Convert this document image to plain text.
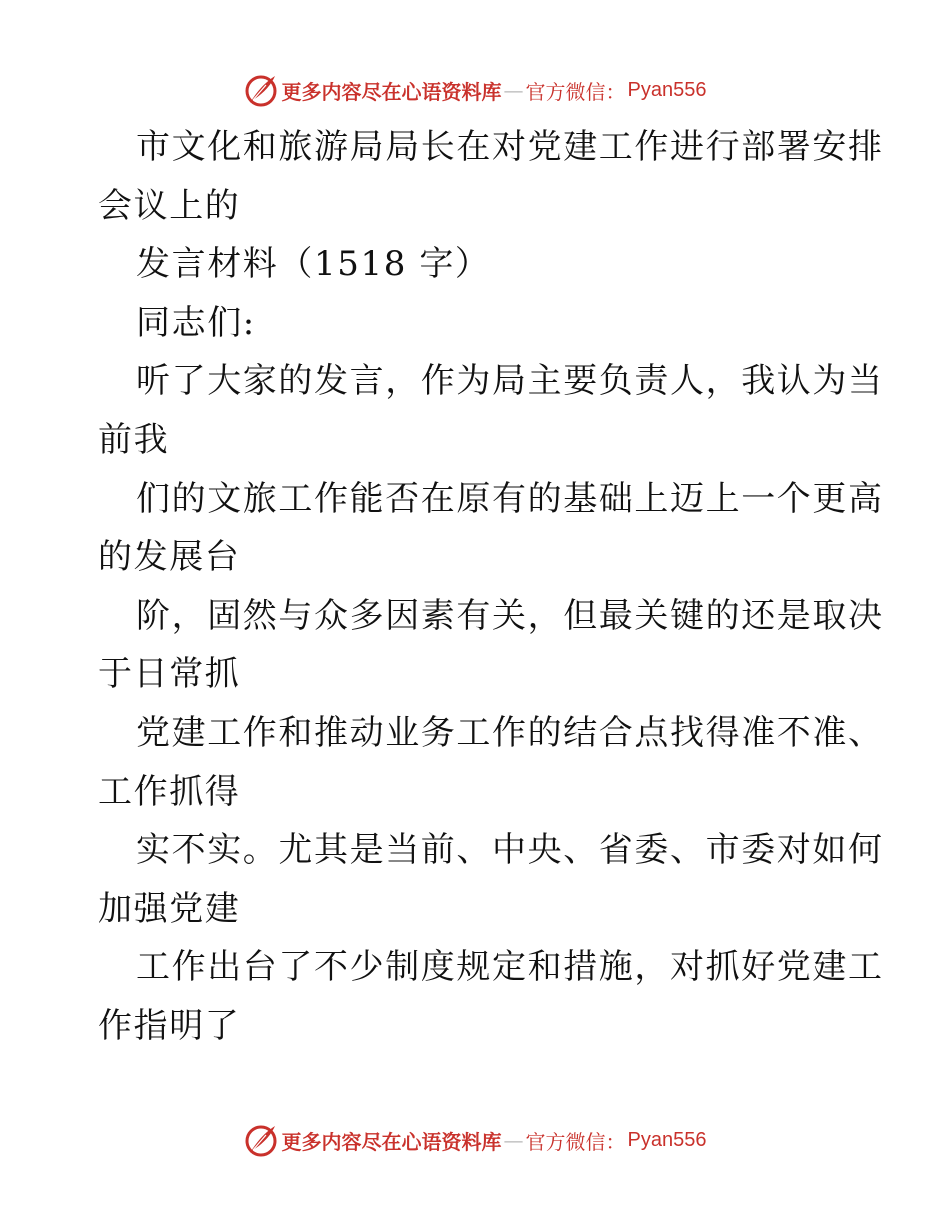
更多内容尽在心语资料库 — 官方微信： Pyan556
市文化和旅游局局长在对党建工作进行部署安排
会议上的
发言材料（1518 字）
同志们:
听了大家的发言，作为局主要负责人，我认为当
前我
们的文旅工作能否在原有的基础上迈上一个更高
的发展台
阶，固然与众多因素有关，但最关键的还是取决
于日常抓
党建工作和推动业务工作的结合点找得准不准、
工作抓得
实不实。尤其是当前、中央、省委、市委对如何
加强党建
工作出台了不少制度规定和措施，对抓好党建工
作指明了
更多内容尽在心语资料库 — 官方微信： Pyan556
